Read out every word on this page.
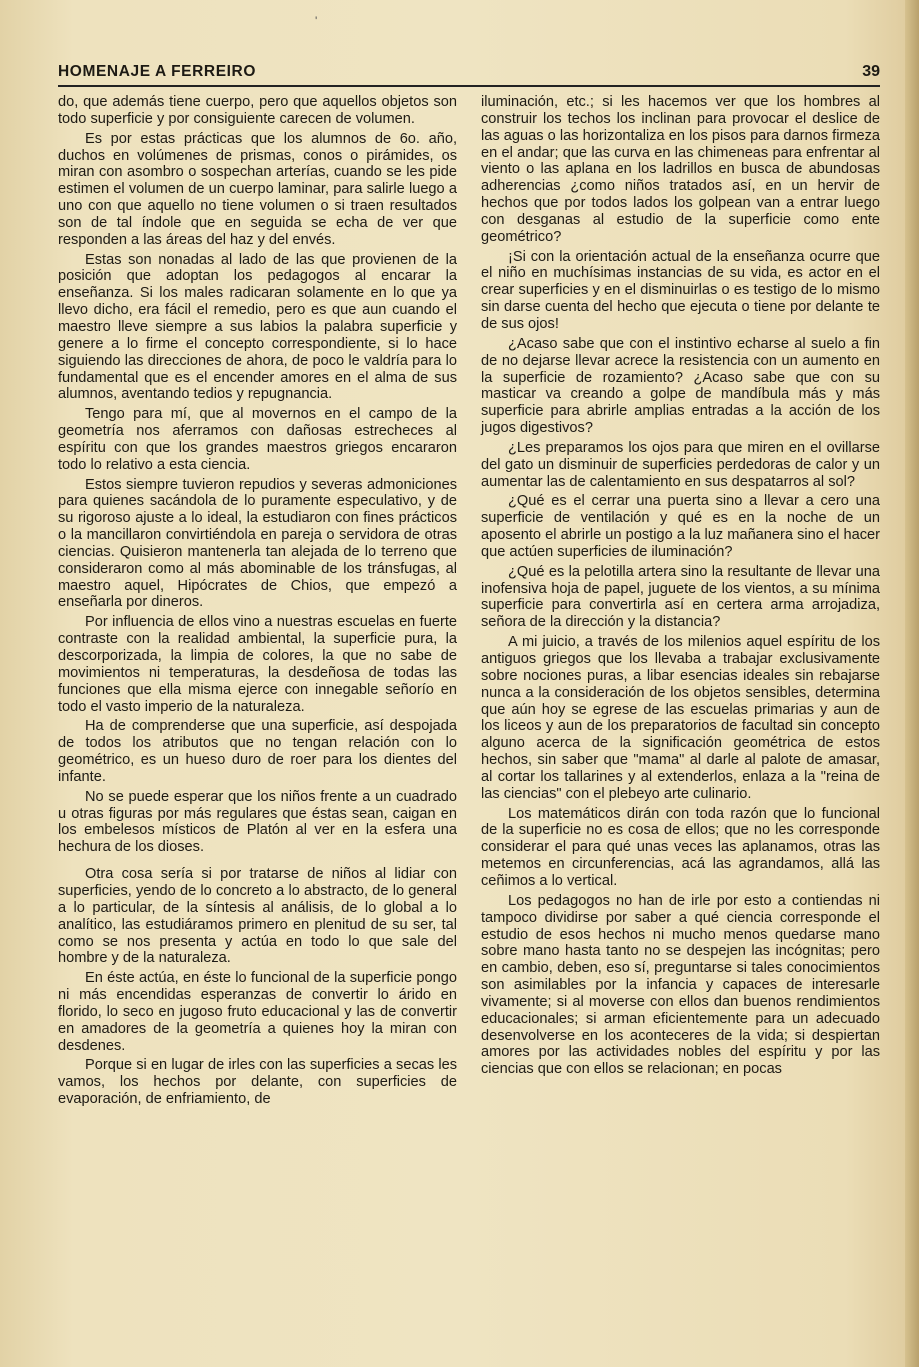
'
HOMENAJE A FERREIRO	39

do, que además tiene cuerpo, pero que aquellos objetos son todo superficie y por consiguiente carecen de volumen.

Es por estas prácticas que los alumnos de 6o. año, duchos en volúmenes de prismas, conos o pirámides, os miran con asombro o sospechan arterías, cuando se les pide estimen el volumen de un cuerpo laminar, para salirle luego a uno con que aquello no tiene volumen o si traen resultados son de tal índole que en seguida se echa de ver que responden a las áreas del haz y del envés.

Estas son nonadas al lado de las que provienen de la posición que adoptan los pedagogos al encarar la enseñanza. Si los males radicaran solamente en lo que ya llevo dicho, era fácil el remedio, pero es que aun cuando el maestro lleve siempre a sus labios la palabra superficie y genere a lo firme el concepto correspondiente, si lo hace siguiendo las direcciones de ahora, de poco le valdría para lo fundamental que es el encender amores en el alma de sus alumnos, aventando tedios y repugnancia.

Tengo para mí, que al movernos en el campo de la geometría nos aferramos con dañosas estrecheces al espíritu con que los grandes maestros griegos encararon todo lo relativo a esta ciencia.

Estos siempre tuvieron repudios y severas admoniciones para quienes sacándola de lo puramente especulativo, y de su rigoroso ajuste a lo ideal, la estudiaron con fines prácticos o la mancillaron convirtiéndola en pareja o servidora de otras ciencias. Quisieron mantenerla tan alejada de lo terreno que consideraron como al más abominable de los tránsfugas, al maestro aquel, Hipócrates de Chios, que empezó a enseñarla por dineros.

Por influencia de ellos vino a nuestras escuelas en fuerte contraste con la realidad ambiental, la superficie pura, la descorporizada, la limpia de colores, la que no sabe de movimientos ni temperaturas, la desdeñosa de todas las funciones que ella misma ejerce con innegable señorío en todo el vasto imperio de la naturaleza.

Ha de comprenderse que una superficie, así despojada de todos los atributos que no tengan relación con lo geométrico, es un hueso duro de roer para los dientes del infante.

No se puede esperar que los niños frente a un cuadrado u otras figuras por más regulares que éstas sean, caigan en los embelesos místicos de Platón al ver en la esfera una hechura de los dioses.

Otra cosa sería si por tratarse de niños al lidiar con superficies, yendo de lo concreto a lo abstracto, de lo general a lo particular, de la síntesis al análisis, de lo global a lo analítico, las estudiáramos primero en plenitud de su ser, tal como se nos presenta y actúa en todo lo que sale del hombre y de la naturaleza.

En éste actúa, en éste lo funcional de la superficie pongo ni más encendidas esperanzas de convertir lo árido en florido, lo seco en jugoso fruto educacional y las de convertir en amadores de la geometría a quienes hoy la miran con desdenes.

Porque si en lugar de irles con las superficies a secas les vamos, los hechos por delante, con superficies de evaporación, de enfriamiento, de

iluminación, etc.; si les hacemos ver que los hombres al construir los techos los inclinan para provocar el deslice de las aguas o las horizontaliza en los pisos para darnos firmeza en el andar; que las curva en las chimeneas para enfrentar al viento o las aplana en los ladrillos en busca de abundosas adherencias ¿como niños tratados así, en un hervir de hechos que por todos lados los golpean van a entrar luego con desganas al estudio de la superficie como ente geométrico?

¡Si con la orientación actual de la enseñanza ocurre que el niño en muchísimas instancias de su vida, es actor en el crear superficies y en el disminuirlas o es testigo de lo mismo sin darse cuenta del hecho que ejecuta o tiene por delante te de sus ojos!

¿Acaso sabe que con el instintivo echarse al suelo a fin de no dejarse llevar acrece la resistencia con un aumento en la superficie de rozamiento? ¿Acaso sabe que con su masticar va creando a golpe de mandíbula más y más superficie para abrirle amplias entradas a la acción de los jugos digestivos?

¿Les preparamos los ojos para que miren en el ovillarse del gato un disminuir de superficies perdedoras de calor y un aumentar las de calentamiento en sus despatarros al sol?

¿Qué es el cerrar una puerta sino a llevar a cero una superficie de ventilación y qué es en la noche de un aposento el abrirle un postigo a la luz mañanera sino el hacer que actúen superficies de iluminación?

¿Qué es la pelotilla artera sino la resultante de llevar una inofensiva hoja de papel, juguete de los vientos, a su mínima superficie para convertirla así en certera arma arrojadiza, señora de la dirección y la distancia?

A mi juicio, a través de los milenios aquel espíritu de los antiguos griegos que los llevaba a trabajar exclusivamente sobre nociones puras, a libar esencias ideales sin rebajarse nunca a la consideración de los objetos sensibles, determina que aún hoy se egrese de las escuelas primarias y aun de los liceos y aun de los preparatorios de facultad sin concepto alguno acerca de la significación geométrica de estos hechos, sin saber que "mama" al darle al palote de amasar, al cortar los tallarines y al extenderlos, enlaza a la "reina de las ciencias" con el plebeyo arte culinario.

Los matemáticos dirán con toda razón que lo funcional de la superficie no es cosa de ellos; que no les corresponde considerar el para qué unas veces las aplanamos, otras las metemos en circunferencias, acá las agrandamos, allá las ceñimos a lo vertical.

Los pedagogos no han de irle por esto a contiendas ni tampoco dividirse por saber a qué ciencia corresponde el estudio de esos hechos ni mucho menos quedarse mano sobre mano hasta tanto no se despejen las incógnitas; pero en cambio, deben, eso sí, preguntarse si tales conocimientos son asimilables por la infancia y capaces de interesarle vivamente; si al moverse con ellos dan buenos rendimientos educacionales; si arman eficientemente para un adecuado desenvolverse en los aconteceres de la vida; si despiertan amores por las actividades nobles del espíritu y por las ciencias que con ellos se relacionan; en pocas
